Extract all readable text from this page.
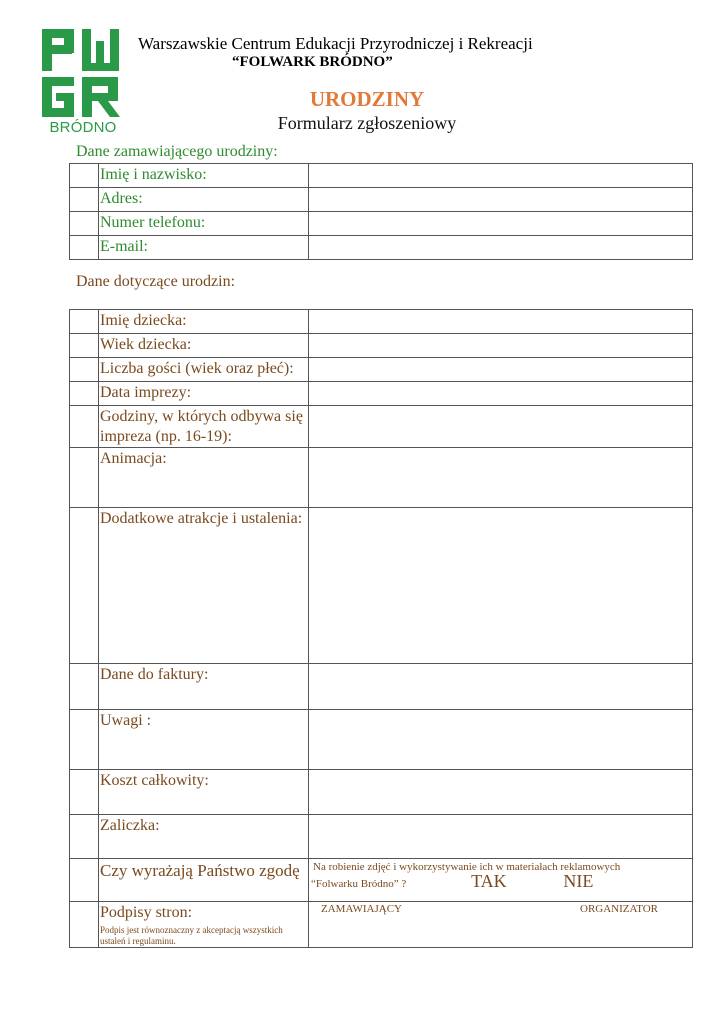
BRÓDNO
Warszawskie Centrum Edukacji Przyrodniczej i Rekreacji
“FOLWARK BRÓDNO”
URODZINY
Formularz zgłoszeniowy
Dane zamawiającego urodziny:
	Imię i nazwisko:	
	Adres:	
	Numer telefonu:	
	E-mail:	
Dane dotyczące urodzin:
	Imię dziecka:	
	Wiek dziecka:	
	Liczba gości (wiek oraz płeć):	
	Data imprezy:	
	Godziny, w których odbywa się impreza (np. 16-19):	
	Animacja:	
	Dodatkowe atrakcje i ustalenia:	
	Dane do faktury:	
	Uwagi :	
	Koszt całkowity:	
	Zaliczka:	
	Czy wyrażają Państwo zgodę	Na robienie zdjęć i wykorzystywanie ich w materiałach reklamowych
“Folwarku Bródno” ? TAK NIE

	Podpisy stron:
Podpis jest równoznaczny z akceptacją wszystkich ustaleń i regulaminu.	ZAMAWIAJĄCY ORGANIZATOR
